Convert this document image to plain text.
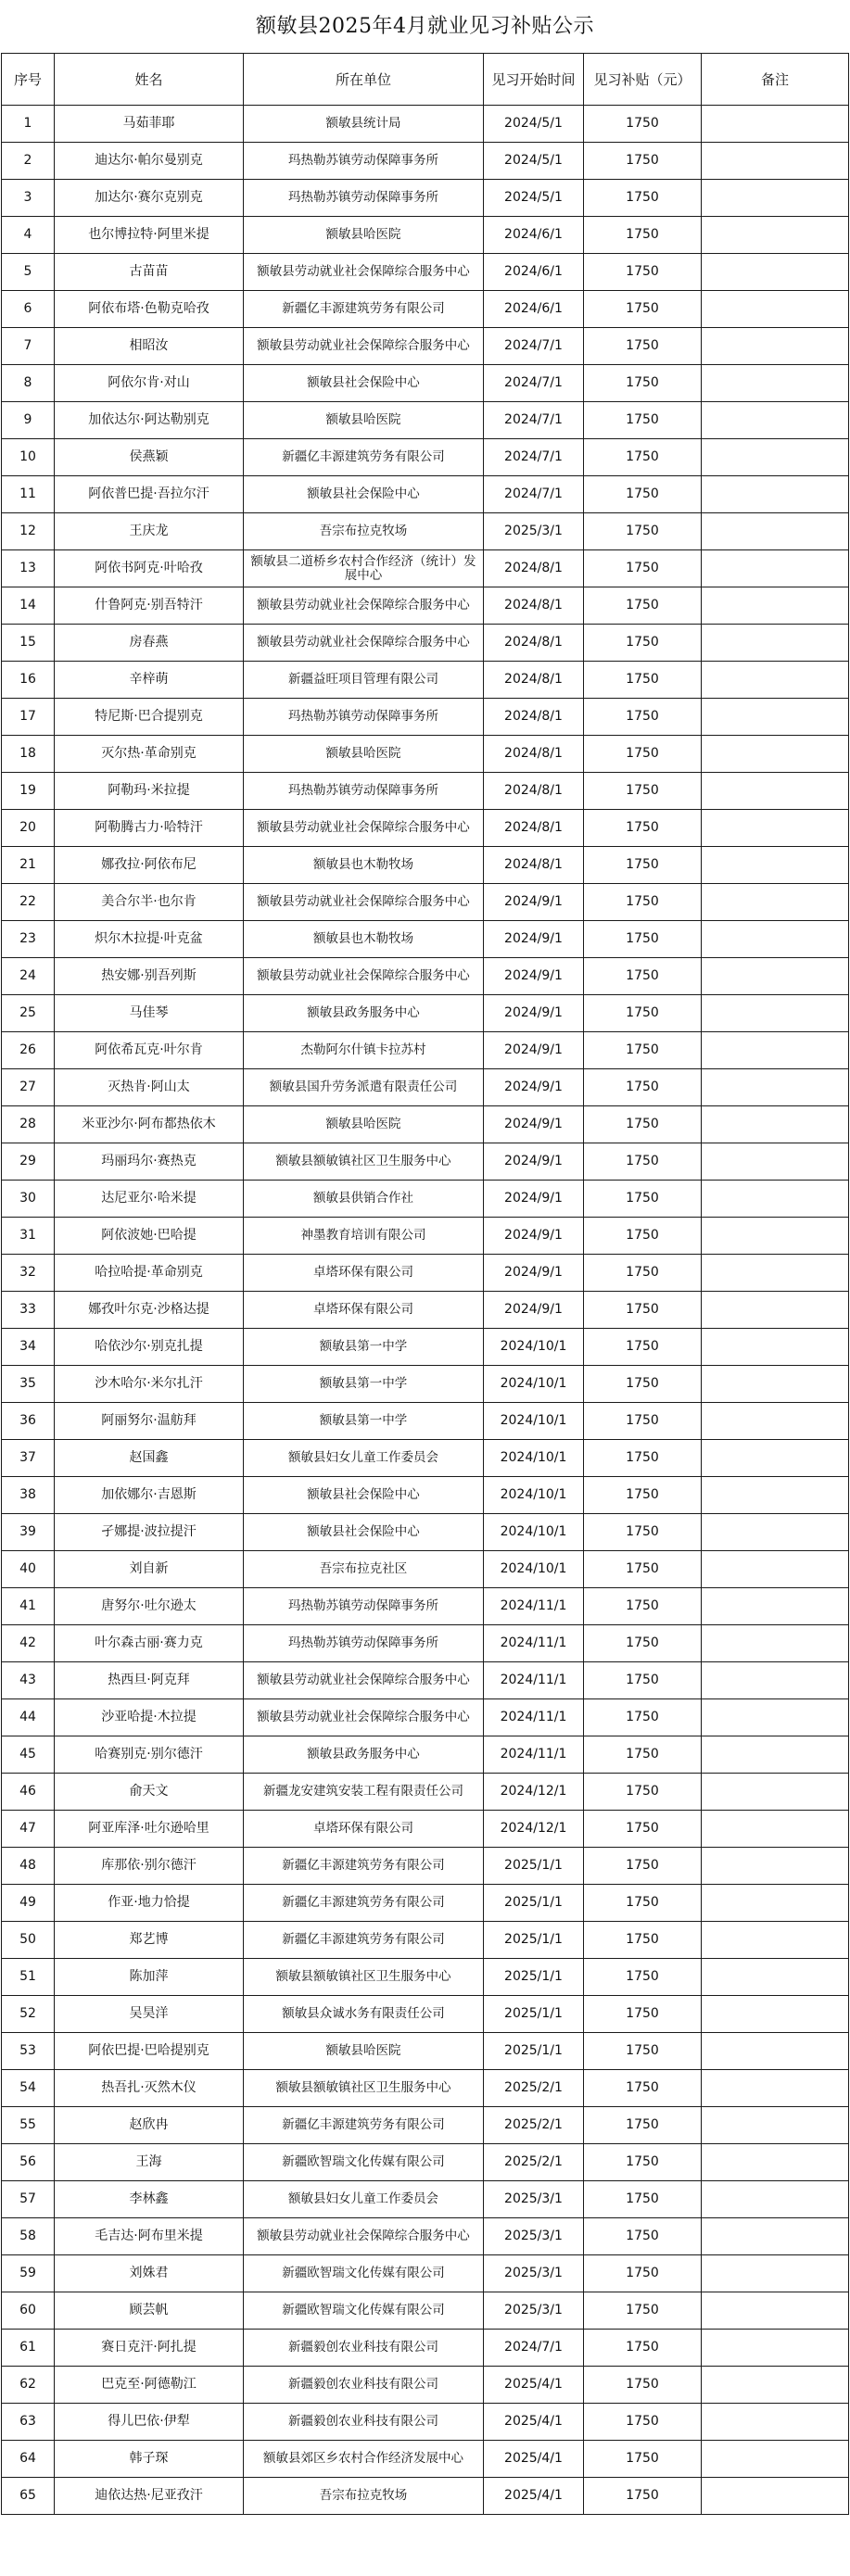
额敏县2025年4月就业见习补贴公示
序号	姓名	所在单位	见习开始时间	见习补贴（元）	备注
1	马茹菲耶	额敏县统计局	2024/5/1	1750	
2	迪达尔·帕尔曼别克	玛热勒苏镇劳动保障事务所	2024/5/1	1750	
3	加达尔·赛尔克别克	玛热勒苏镇劳动保障事务所	2024/5/1	1750	
4	也尔博拉特·阿里米提	额敏县哈医院	2024/6/1	1750	
5	古苗苗	额敏县劳动就业社会保障综合服务中心	2024/6/1	1750	
6	阿依布塔·色勒克哈孜	新疆亿丰源建筑劳务有限公司	2024/6/1	1750	
7	相昭汝	额敏县劳动就业社会保障综合服务中心	2024/7/1	1750	
8	阿依尔肯·对山	额敏县社会保险中心	2024/7/1	1750	
9	加依达尔·阿达勒别克	额敏县哈医院	2024/7/1	1750	
10	侯燕颖	新疆亿丰源建筑劳务有限公司	2024/7/1	1750	
11	阿依普巴提·吾拉尔汗	额敏县社会保险中心	2024/7/1	1750	
12	王庆龙	吾宗布拉克牧场	2025/3/1	1750	
13	阿依书阿克·叶哈孜	额敏县二道桥乡农村合作经济（统计）发展中心	2024/8/1	1750	
14	什鲁阿克·别吾特汗	额敏县劳动就业社会保障综合服务中心	2024/8/1	1750	
15	房春燕	额敏县劳动就业社会保障综合服务中心	2024/8/1	1750	
16	辛梓萌	新疆益旺项目管理有限公司	2024/8/1	1750	
17	特尼斯·巴合提别克	玛热勒苏镇劳动保障事务所	2024/8/1	1750	
18	灭尔热·革命别克	额敏县哈医院	2024/8/1	1750	
19	阿勒玛·米拉提	玛热勒苏镇劳动保障事务所	2024/8/1	1750	
20	阿勒腾古力·哈特汗	额敏县劳动就业社会保障综合服务中心	2024/8/1	1750	
21	娜孜拉·阿依布尼	额敏县也木勒牧场	2024/8/1	1750	
22	美合尔半·也尔肯	额敏县劳动就业社会保障综合服务中心	2024/9/1	1750	
23	炽尔木拉提·叶克盆	额敏县也木勒牧场	2024/9/1	1750	
24	热安娜·别吾列斯	额敏县劳动就业社会保障综合服务中心	2024/9/1	1750	
25	马佳琴	额敏县政务服务中心	2024/9/1	1750	
26	阿依希瓦克·叶尔肯	杰勒阿尔什镇卡拉苏村	2024/9/1	1750	
27	灭热肯·阿山太	额敏县国升劳务派遣有限责任公司	2024/9/1	1750	
28	米亚沙尔·阿布都热依木	额敏县哈医院	2024/9/1	1750	
29	玛丽玛尔·赛热克	额敏县额敏镇社区卫生服务中心	2024/9/1	1750	
30	达尼亚尔·哈米提	额敏县供销合作社	2024/9/1	1750	
31	阿依波她·巴哈提	神墨教育培训有限公司	2024/9/1	1750	
32	哈拉哈提·革命别克	卓塔环保有限公司	2024/9/1	1750	
33	娜孜叶尔克·沙格达提	卓塔环保有限公司	2024/9/1	1750	
34	哈依沙尔·别克扎提	额敏县第一中学	2024/10/1	1750	
35	沙木哈尔·米尔扎汗	额敏县第一中学	2024/10/1	1750	
36	阿丽努尔·温舫拜	额敏县第一中学	2024/10/1	1750	
37	赵国鑫	额敏县妇女儿童工作委员会	2024/10/1	1750	
38	加依娜尔·吉恩斯	额敏县社会保险中心	2024/10/1	1750	
39	孑娜提·波拉提汗	额敏县社会保险中心	2024/10/1	1750	
40	刘自新	吾宗布拉克社区	2024/10/1	1750	
41	唐努尔·吐尔逊太	玛热勒苏镇劳动保障事务所	2024/11/1	1750	
42	叶尔森古丽·赛力克	玛热勒苏镇劳动保障事务所	2024/11/1	1750	
43	热西旦·阿克拜	额敏县劳动就业社会保障综合服务中心	2024/11/1	1750	
44	沙亚哈提·木拉提	额敏县劳动就业社会保障综合服务中心	2024/11/1	1750	
45	哈赛别克·别尔德汗	额敏县政务服务中心	2024/11/1	1750	
46	俞天文	新疆龙安建筑安装工程有限责任公司	2024/12/1	1750	
47	阿亚库泽·吐尔逊哈里	卓塔环保有限公司	2024/12/1	1750	
48	库那依·别尔德汗	新疆亿丰源建筑劳务有限公司	2025/1/1	1750	
49	作亚·地力恰提	新疆亿丰源建筑劳务有限公司	2025/1/1	1750	
50	郑艺博	新疆亿丰源建筑劳务有限公司	2025/1/1	1750	
51	陈加萍	额敏县额敏镇社区卫生服务中心	2025/1/1	1750	
52	吴昊洋	额敏县众诚水务有限责任公司	2025/1/1	1750	
53	阿依巴提·巴哈提别克	额敏县哈医院	2025/1/1	1750	
54	热吾扎·灭然木仪	额敏县额敏镇社区卫生服务中心	2025/2/1	1750	
55	赵欣冉	新疆亿丰源建筑劳务有限公司	2025/2/1	1750	
56	王海	新疆欧智瑞文化传媒有限公司	2025/2/1	1750	
57	李林鑫	额敏县妇女儿童工作委员会	2025/3/1	1750	
58	毛吉达·阿布里米提	额敏县劳动就业社会保障综合服务中心	2025/3/1	1750	
59	刘姝君	新疆欧智瑞文化传媒有限公司	2025/3/1	1750	
60	顾芸帆	新疆欧智瑞文化传媒有限公司	2025/3/1	1750	
61	赛日克汗·阿扎提	新疆毅创农业科技有限公司	2024/7/1	1750	
62	巴克至·阿德勒江	新疆毅创农业科技有限公司	2025/4/1	1750	
63	得儿巴依·伊犁	新疆毅创农业科技有限公司	2025/4/1	1750	
64	韩子琛	额敏县郊区乡农村合作经济发展中心	2025/4/1	1750	
65	迪依达热·尼亚孜汗	吾宗布拉克牧场	2025/4/1	1750	
